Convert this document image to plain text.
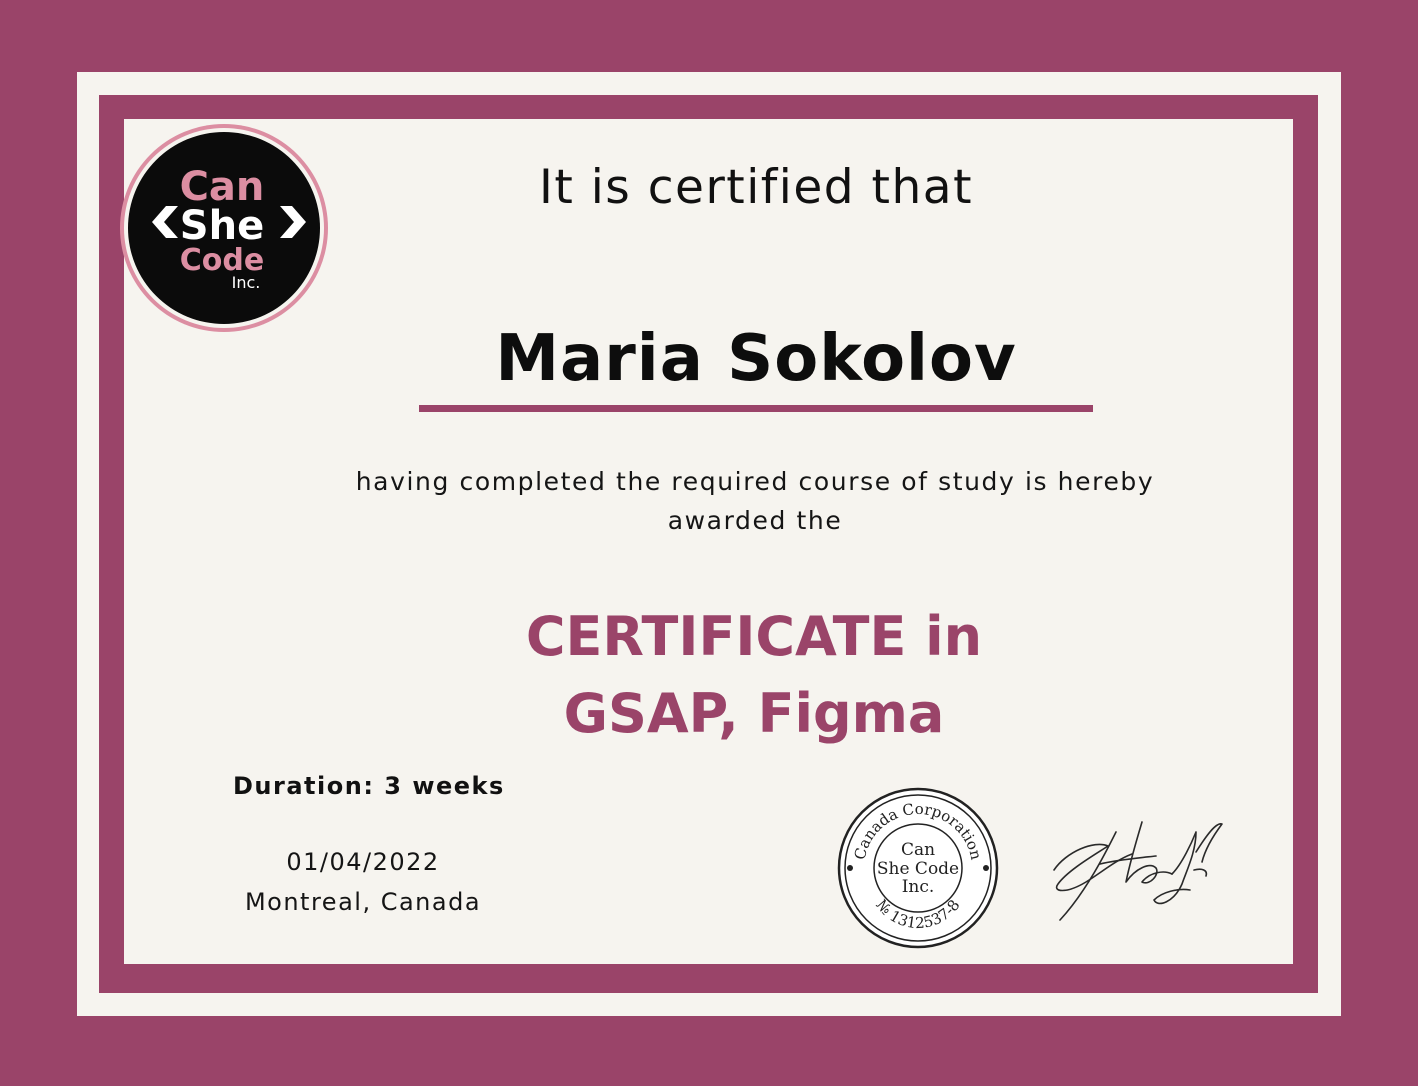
Can
She
Code
Inc.
It is certified that
Maria Sokolov
having completed the required course of study is hereby
awarded the
CERTIFICATE in
GSAP, Figma
Duration: 3 weeks
01/04/2022
Montreal, Canada
Canada Corporation
№ 1312537-8
Can
She Code
Inc.
